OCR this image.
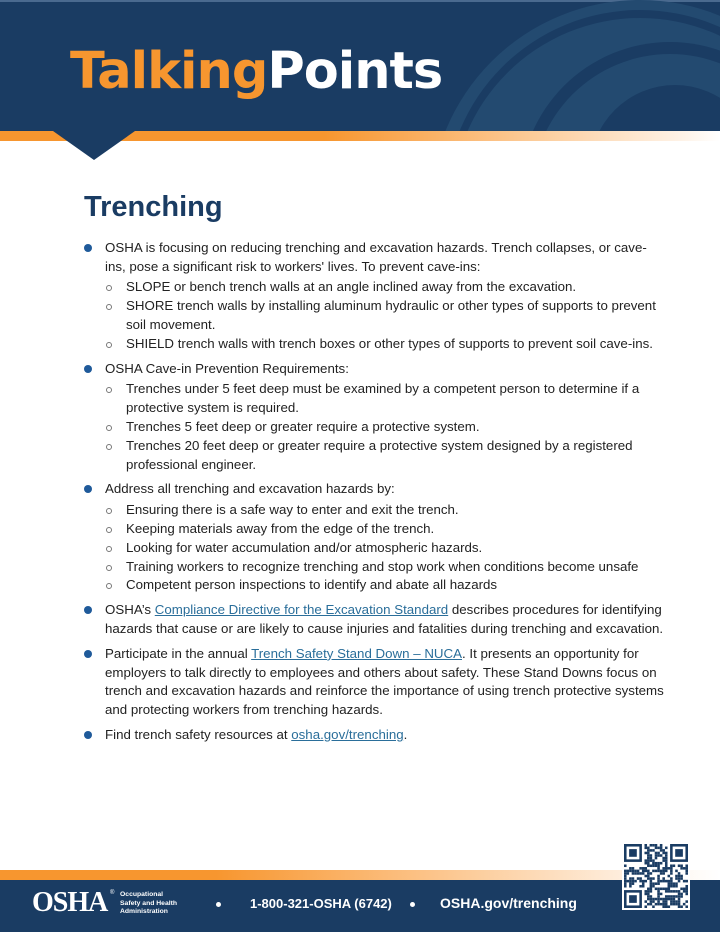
TalkingPoints
Trenching
OSHA is focusing on reducing trenching and excavation hazards. Trench collapses, or cave-ins, pose a significant risk to workers' lives. To prevent cave-ins:
SLOPE or bench trench walls at an angle inclined away from the excavation.
SHORE trench walls by installing aluminum hydraulic or other types of supports to prevent soil movement.
SHIELD trench walls with trench boxes or other types of supports to prevent soil cave-ins.
OSHA Cave-in Prevention Requirements:
Trenches under 5 feet deep must be examined by a competent person to determine if a protective system is required.
Trenches 5 feet deep or greater require a protective system.
Trenches 20 feet deep or greater require a protective system designed by a registered professional engineer.
Address all trenching and excavation hazards by:
Ensuring there is a safe way to enter and exit the trench.
Keeping materials away from the edge of the trench.
Looking for water accumulation and/or atmospheric hazards.
Training workers to recognize trenching and stop work when conditions become unsafe
Competent person inspections to identify and abate all hazards
OSHA’s Compliance Directive for the Excavation Standard describes procedures for identifying hazards that cause or are likely to cause injuries and fatalities during trenching and excavation.
Participate in the annual Trench Safety Stand Down – NUCA. It presents an opportunity for employers to talk directly to employees and others about safety. These Stand Downs focus on trench and excavation hazards and reinforce the importance of using trench protective systems and protecting workers from trenching hazards.
Find trench safety resources at osha.gov/trenching.
OSHA ® Occupational
Safety and Health
Administration
1-800-321-OSHA (6742)	OSHA.gov/trenching
